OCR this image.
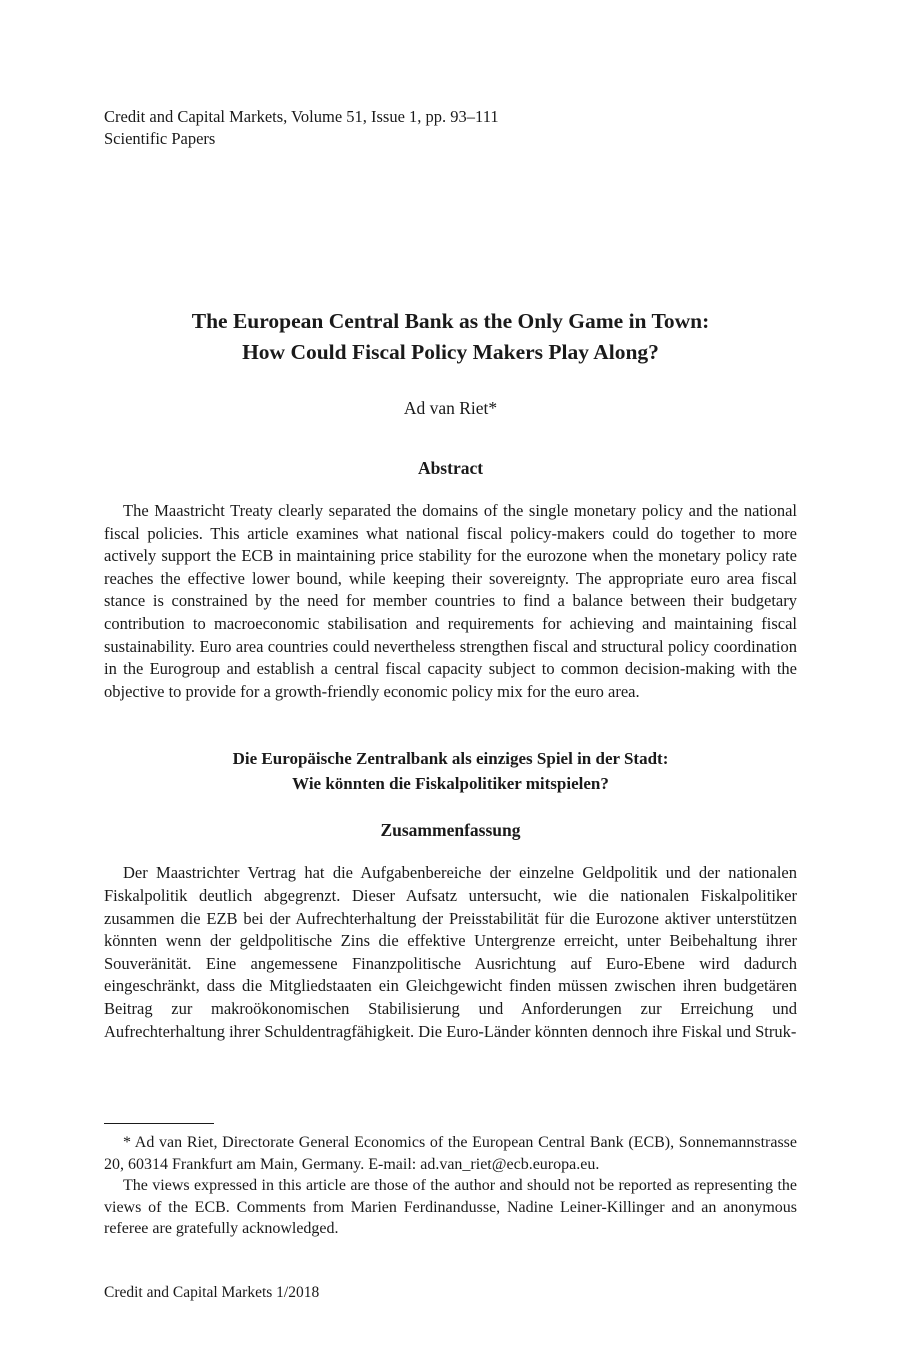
Credit and Capital Markets, Volume 51, Issue 1, pp. 93–111

Scientific Papers

The European Central Bank as the Only Game in Town:
How Could Fiscal Policy Makers Play Along?
Ad van Riet*
Abstract

The Maastricht Treaty clearly separated the domains of the single monetary policy and the national fiscal policies. This article examines what national fiscal policy-makers could do together to more actively support the ECB in maintaining price stability for the eurozone when the monetary policy rate reaches the effective lower bound, while keeping their sovereignty. The appropriate euro area fiscal stance is constrained by the need for member countries to find a balance between their budgetary contribution to macroeconomic stabilisation and requirements for achieving and maintaining fiscal sustainability. Euro area countries could nevertheless strengthen fiscal and structural policy coordination in the Eurogroup and establish a central fiscal capacity subject to common decision-making with the objective to provide for a growth-friendly economic policy mix for the euro area.

Die Europäische Zentralbank als einziges Spiel in der Stadt:
Wie könnten die Fiskalpolitiker mitspielen?
Zusammenfassung

Der Maastrichter Vertrag hat die Aufgabenbereiche der einzelne Geldpolitik und der nationalen Fiskalpolitik deutlich abgegrenzt. Dieser Aufsatz untersucht, wie die nationalen Fiskalpolitiker zusammen die EZB bei der Aufrechterhaltung der Preisstabilität für die Eurozone aktiver unterstützen könnten wenn der geldpolitische Zins die effektive Untergrenze erreicht, unter Beibehaltung ihrer Souveränität. Eine angemessene Finanzpolitische Ausrichtung auf Euro-Ebene wird dadurch eingeschränkt, dass die Mitgliedstaaten ein Gleichgewicht finden müssen zwischen ihren budgetären Beitrag zur makroökonomischen Stabilisierung und Anforderungen zur Erreichung und Aufrechterhaltung ihrer Schuldentragfähigkeit. Die Euro-Länder könnten dennoch ihre Fiskal und Struk-

* Ad van Riet, Directorate General Economics of the European Central Bank (ECB), Sonnemannstrasse 20, 60314 Frankfurt am Main, Germany. E-mail: ad.van_riet@ecb.europa.eu.

The views expressed in this article are those of the author and should not be reported as representing the views of the ECB. Comments from Marien Ferdinandusse, Nadine Leiner-Killinger and an anonymous referee are gratefully acknowledged.

Credit and Capital Markets 1/2018
